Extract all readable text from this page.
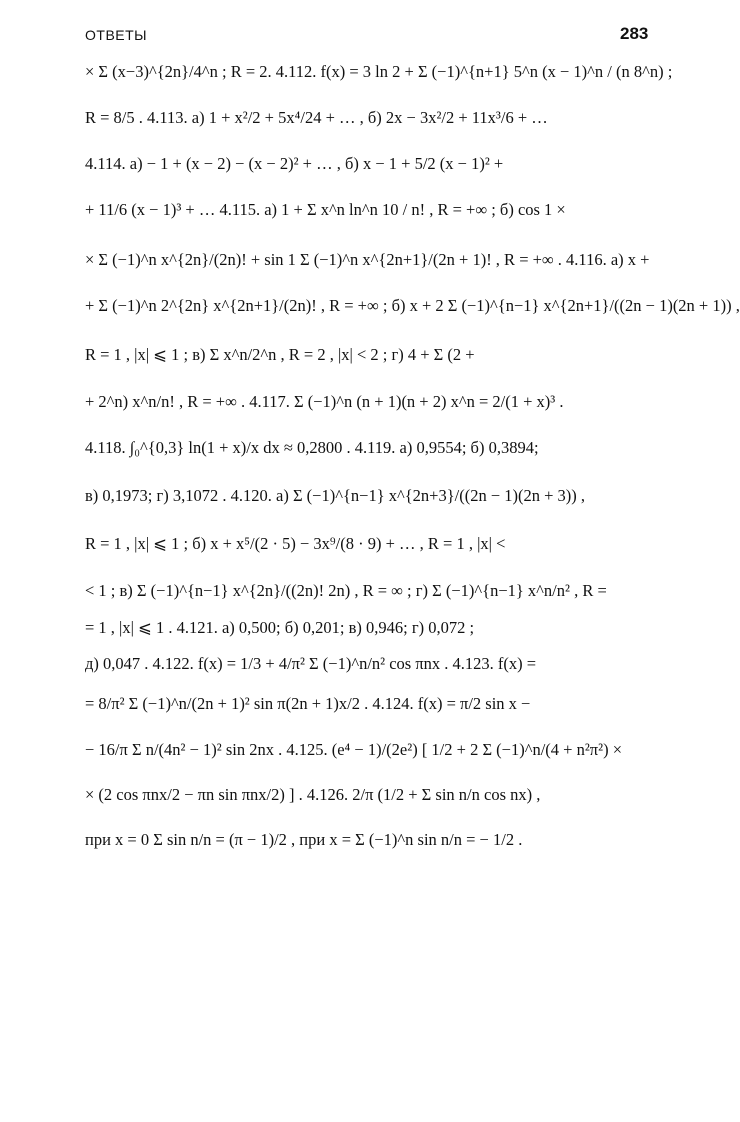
ОТВЕТЫ	283
× Σ (x−3)^{2n}/4^n ; R = 2. 4.112. f(x) = 3 ln 2 + Σ (−1)^{n+1} 5^n (x − 1)^n / (n 8^n) ;
R = 8/5 . 4.113. а) 1 + x²/2 + 5x⁴/24 + … , б) 2x − 3x²/2 + 11x³/6 + …
4.114. а) − 1 + (x − 2) − (x − 2)² + … , б) x − 1 + 5/2 (x − 1)² +
+ 11/6 (x − 1)³ + … 4.115. а) 1 + Σ x^n ln^n 10 / n! , R = +∞ ; б) cos 1 ×
× Σ (−1)^n x^{2n}/(2n)! + sin 1 Σ (−1)^n x^{2n+1}/(2n + 1)! , R = +∞ . 4.116. а) x +
+ Σ (−1)^n 2^{2n} x^{2n+1}/(2n)! , R = +∞ ; б) x + 2 Σ (−1)^{n−1} x^{2n+1}/((2n − 1)(2n + 1)) ,
R = 1 , |x| ⩽ 1 ; в) Σ x^n/2^n , R = 2 , |x| < 2 ; г) 4 + Σ (2 +
+ 2^n) x^n/n! , R = +∞ . 4.117. Σ (−1)^n (n + 1)(n + 2) x^n = 2/(1 + x)³ .
4.118. ∫₀^{0,3} ln(1 + x)/x dx ≈ 0,2800 . 4.119. а) 0,9554; б) 0,3894;
в) 0,1973; г) 3,1072 . 4.120. а) Σ (−1)^{n−1} x^{2n+3}/((2n − 1)(2n + 3)) ,
R = 1 , |x| ⩽ 1 ; б) x + x⁵/(2 · 5) − 3x⁹/(8 · 9) + … , R = 1 , |x| <
< 1 ; в) Σ (−1)^{n−1} x^{2n}/((2n)! 2n) , R = ∞ ; г) Σ (−1)^{n−1} x^n/n² , R =
= 1 , |x| ⩽ 1 . 4.121. а) 0,500; б) 0,201; в) 0,946; г) 0,072 ;
д) 0,047 . 4.122. f(x) = 1/3 + 4/π² Σ (−1)^n/n² cos πnx . 4.123. f(x) =
= 8/π² Σ (−1)^n/(2n + 1)² sin π(2n + 1)x/2 . 4.124. f(x) = π/2 sin x −
− 16/π Σ n/(4n² − 1)² sin 2nx . 4.125. (e⁴ − 1)/(2e²) [ 1/2 + 2 Σ (−1)^n/(4 + n²π²) ×
× (2 cos πnx/2 − πn sin πnx/2) ] . 4.126. 2/π (1/2 + Σ sin n/n cos nx) ,
при x = 0 Σ sin n/n = (π − 1)/2 , при x = Σ (−1)^n sin n/n = − 1/2 .
